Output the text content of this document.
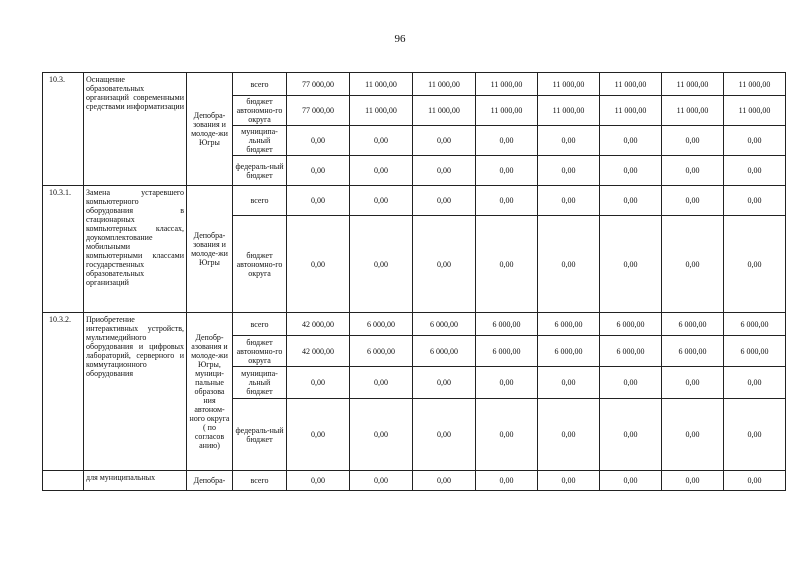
96
10.3.	Оснащение образовательных организаций современными средствами информатизации	Депобра-зования и молоде-жи Югры	всего	77 000,00	11 000,00	11 000,00	11 000,00	11 000,00	11 000,00	11 000,00	11 000,00
			бюджет автономно-го округа	77 000,00	11 000,00	11 000,00	11 000,00	11 000,00	11 000,00	11 000,00	11 000,00
			муниципа-льный бюджет	0,00	0,00	0,00	0,00	0,00	0,00	0,00	0,00
			федераль-ный бюджет	0,00	0,00	0,00	0,00	0,00	0,00	0,00	0,00
10.3.1.	Замена устаревшего компьютерного оборудования в стационарных компьютерных классах, доукомплектование мобильными компьютерными классами государственных образовательных организаций	Депобра-зования и молоде-жи Югры	всего	0,00	0,00	0,00	0,00	0,00	0,00	0,00	0,00
			бюджет автономно-го округа	0,00	0,00	0,00	0,00	0,00	0,00	0,00	0,00
10.3.2.	Приобретение интерактивных устройств, мультимедийного оборудования и цифровых лабораторий, серверного и коммутационного оборудования	Депобр-азования и молоде-жи Югры, муници-пальные образова ния автоном-ного округа ( по согласов анию)	всего	42 000,00	6 000,00	6 000,00	6 000,00	6 000,00	6 000,00	6 000,00	6 000,00
			бюджет автономно-го округа	42 000,00	6 000,00	6 000,00	6 000,00	6 000,00	6 000,00	6 000,00	6 000,00
			муниципа-льный бюджет	0,00	0,00	0,00	0,00	0,00	0,00	0,00	0,00
			федераль-ный бюджет	0,00	0,00	0,00	0,00	0,00	0,00	0,00	0,00
	для муниципальных	Депобра-	всего	0,00	0,00	0,00	0,00	0,00	0,00	0,00	0,00
